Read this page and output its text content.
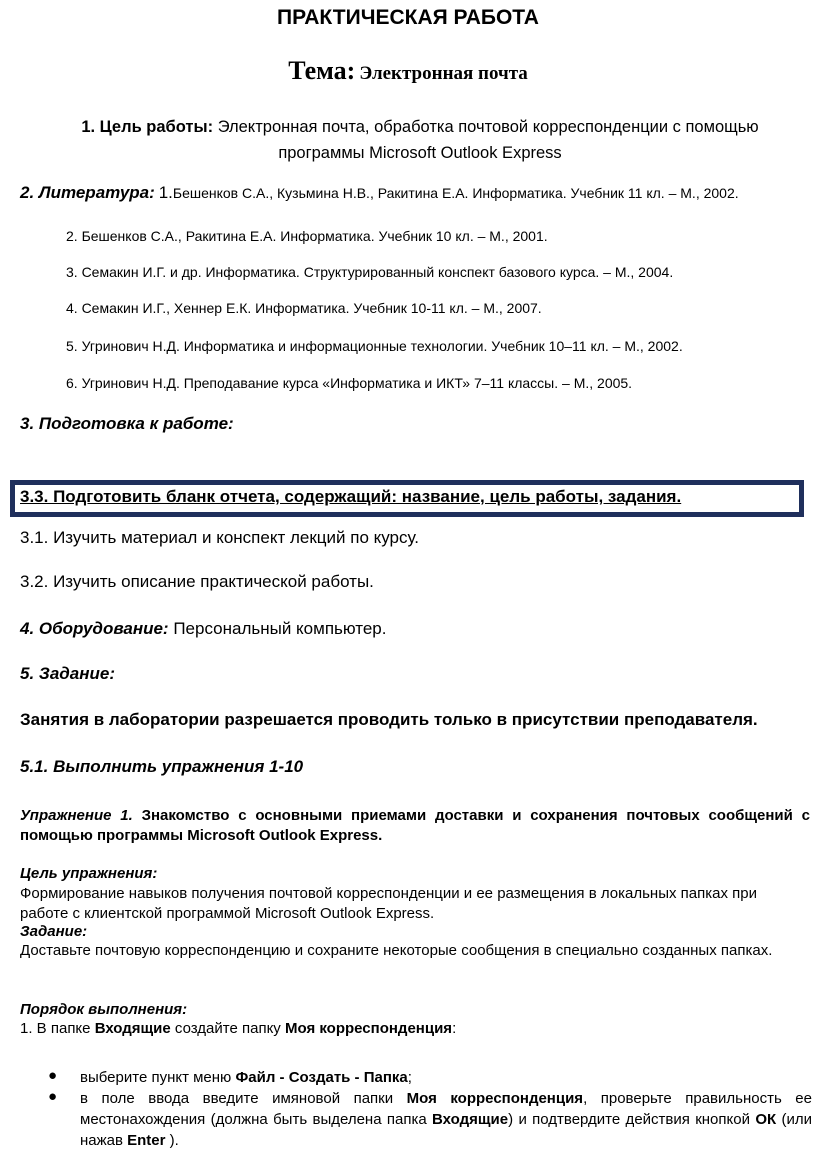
ПРАКТИЧЕСКАЯ РАБОТА
Тема: Электронная почта
1. Цель работы: Электронная почта, обработка почтовой корреспонденции с помощью программы Microsoft Outlook Express
2. Литература: 1.Бешенков С.А., Кузьмина Н.В., Ракитина Е.А. Информатика. Учебник 11 кл. – М., 2002.
2. Бешенков С.А., Ракитина Е.А. Информатика. Учебник 10 кл. – М., 2001.
3. Семакин И.Г. и др. Информатика. Структурированный конспект базового курса. – М., 2004.
4. Семакин И.Г., Хеннер Е.К. Информатика. Учебник 10-11 кл. – М., 2007.
5. Угринович Н.Д. Информатика и информационные технологии. Учебник 10–11 кл. – М., 2002.
6. Угринович Н.Д. Преподавание курса «Информатика и ИКТ» 7–11 классы. – М., 2005.
3. Подготовка к работе:
3.3. Подготовить бланк отчета, содержащий: название, цель работы, задания.
3.1. Изучить материал и конспект лекций по курсу.
3.2. Изучить описание практической работы.
4. Оборудование: Персональный компьютер.
5. Задание:
Занятия в лаборатории разрешается проводить только в присутствии преподавателя.
5.1. Выполнить упражнения 1-10
Упражнение 1. Знакомство с основными приемами доставки и сохранения почтовых сообщений с помощью программы Microsoft Outlook Express.
Цель упражнения:
Формирование навыков получения почтовой корреспонденции и ее размещения в локальных папках при работе с клиентской программой Microsoft Outlook Express.
Задание:
Доставьте почтовую корреспонденцию и сохраните некоторые сообщения в специально созданных папках.
Порядок выполнения:
1. В папке Входящие создайте папку Моя корреспонденция:
● выберите пункт меню Файл - Создать - Папка;
● в поле ввода введите имяновой папки Моя корреспонденция, проверьте правильность ее местонахождения (должна быть выделена папка Входящие) и подтвердите действия кнопкой ОК (или нажав Enter ).
